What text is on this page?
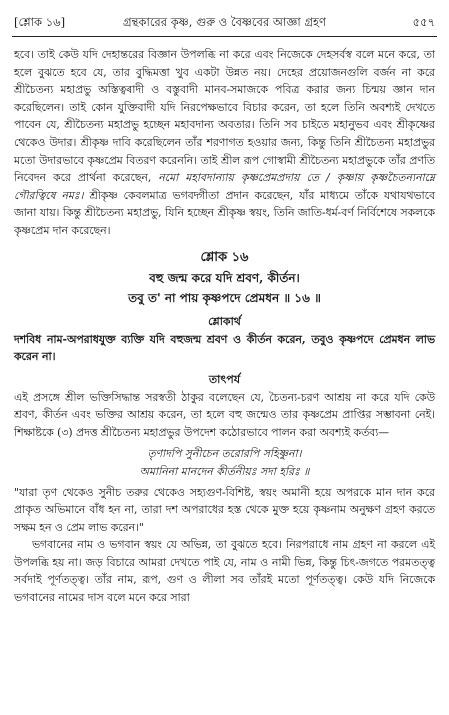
[শ্লোক ১৬]	গ্রন্থকারের কৃষ্ণ, গুরু ও বৈষ্ণবের আজ্ঞা গ্রহণ	৫৫৭

হবে। তাই কেউ যদি দেহান্তরের বিজ্ঞান উপলব্ধি না করে এবং নিজেকে দেহসর্বস্ব বলে মনে করে, তা হলে বুঝতে হবে যে, তার বুদ্ধিমত্তা খুব একটা উন্নত নয়। দেহের প্রয়োজনগুলি বর্জন না করে শ্রীচৈতন্য মহাপ্রভু অস্তিত্বৰাদী ও বস্তুবাদী মানব-সমাজকে পবিত্র করার জন্য চিন্ময় জ্ঞান দান করেছিলেন। তাই কোন যুক্তিবাদী যদি নিরপেক্ষভাবে বিচার করেন, তা হলে তিনি অবশ্যই দেখতে পাবেন যে, শ্রীচৈতন্য মহাপ্রভু হচ্ছেন মহাবদান্য অবতার। তিনি সব চাইতে মহানুভব এবং শ্রীকৃষ্ণের থেকেও উদার। শ্রীকৃষ্ণ দাবি করেছিলেন তাঁর শরণাগত হওয়ার জন্য, কিন্তু তিনি শ্রীচৈতন্য মহাপ্রভুর মতো উদারভাবে কৃষ্ণপ্রেম বিতরণ করেননি। তাই শ্রীল রূপ গোস্বামী শ্রীচৈতন্য মহাপ্রভুকে তাঁর প্রণতি নিবেদন করে প্রার্থনা করেছেন, নমো মহাবদান্যায় কৃষ্ণপ্রেমপ্রদায় তে / কৃষ্ণায় কৃষ্ণচৈতন্যনাম্নে গৌরত্বিষে নমঃ। শ্রীকৃষ্ণ কেবলমাত্র ভগবদ্গীতা প্রদান করেছেন, যাঁর মাধ্যমে তাঁকে যথাযথভাবে জানা যায়। কিন্তু শ্রীচৈতন্য মহাপ্রভু, যিনি হচ্ছেন শ্রীকৃষ্ণ স্বয়ং, তিনি জাতি-ধর্ম-বর্ণ নির্বিশেষে সকলকে কৃষ্ণপ্রেম দান করেছেন।

শ্লোক ১৬
বহু জন্ম করে যদি শ্রবণ, কীর্তন।
তবু ত' না পায় কৃষ্ণপদে প্রেমধন ॥ ১৬ ॥
শ্লোকার্থ

দশবিধ নাম-অপরাধযুক্ত ব্যক্তি যদি বহুজন্ম শ্রবণ ও কীর্তন করেন, তবুও কৃষ্ণপদে প্রেমধন লাভ করেন না।

তাৎপর্য

এই প্রসঙ্গে শ্রীল ভক্তিসিদ্ধান্ত সরস্বতী ঠাকুর বলেছেন যে, চৈতন্য-চরণ আশ্রয় না করে যদি কেউ শ্রবণ, কীর্তন এবং ভক্তির আশ্রয় করেন, তা হলে বহু জন্মেও তার কৃষ্ণপ্রেম প্রাপ্তির সম্ভাবনা নেই। শিক্ষাষ্টকে (৩) প্রদত্ত শ্রীচৈতন্য মহাপ্রভুর উপদেশ কঠোরভাবে পালন করা অবশ্যই কর্তব্য—

তৃণাদপি সুনীচেন তরোরপি সহিষ্ণুনা।
অমানিনা মানদেন কীর্তনীয়ঃ সদা হরিঃ ॥

"যারা তৃণ থেকেও সুনীচ তরুর থেকেও সহ্যগুণ-বিশিষ্ট, স্বয়ং অমানী হয়ে অপরকে মান দান করে প্রাকৃত অভিমানে বাঁধ হন না, তারা দশ অপরাধের হস্ত থেকে মুক্ত হয়ে কৃষ্ণনাম অনুক্ষণ গ্রহণ করতে সক্ষম হন ও প্রেম লাভ করেন।"

ভগবানের নাম ও ভগবান স্বয়ং যে অভিন্ন, তা বুঝতে হবে। নিরপরাধে নাম গ্রহণ না করলে এই উপলব্ধি হয় না। জড় বিচারে আমরা দেখতে পাই যে, নাম ও নামী ভিন্ন, কিন্তু চিৎ-জগতে পরমতত্ত্ব সর্বদাই পূর্ণতত্ত্ব। তাঁর নাম, রূপ, গুণ ও লীলা সব তাঁরই মতো পূর্ণতত্ত্ব। কেউ যদি নিজেকে ভগবানের নামের দাস বলে মনে করে সারা
